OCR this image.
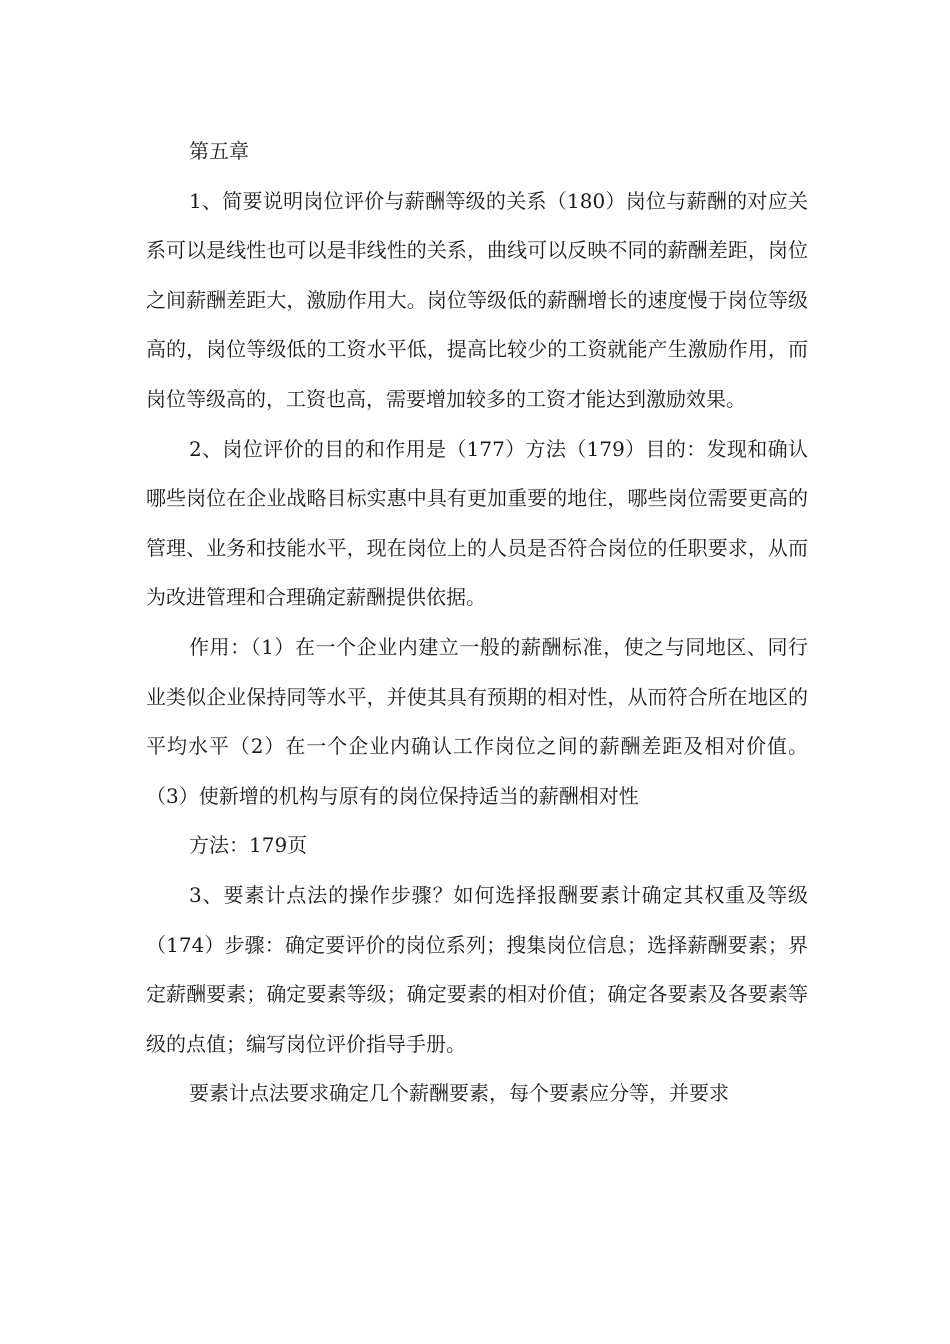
第五章

1、简要说明岗位评价与薪酬等级的关系（180）岗位与薪酬的对应关系可以是线性也可以是非线性的关系，曲线可以反映不同的薪酬差距，岗位之间薪酬差距大，激励作用大。岗位等级低的薪酬增长的速度慢于岗位等级高的，岗位等级低的工资水平低，提高比较少的工资就能产生激励作用，而岗位等级高的，工资也高，需要增加较多的工资才能达到激励效果。

2、岗位评价的目的和作用是（177）方法（179）目的：发现和确认哪些岗位在企业战略目标实惠中具有更加重要的地住，哪些岗位需要更高的管理、业务和技能水平，现在岗位上的人员是否符合岗位的任职要求，从而为改进管理和合理确定薪酬提供依据。

作用：（1）在一个企业内建立一般的薪酬标准，使之与同地区、同行业类似企业保持同等水平，并使其具有预期的相对性，从而符合所在地区的平均水平（2）在一个企业内确认工作岗位之间的薪酬差距及相对价值。（3）使新增的机构与原有的岗位保持适当的薪酬相对性

方法：179页

3、要素计点法的操作步骤？如何选择报酬要素计确定其权重及等级（174）步骤：确定要评价的岗位系列；搜集岗位信息；选择薪酬要素；界定薪酬要素；确定要素等级；确定要素的相对价值；确定各要素及各要素等级的点值；编写岗位评价指导手册。

要素计点法要求确定几个薪酬要素，每个要素应分等，并要求
